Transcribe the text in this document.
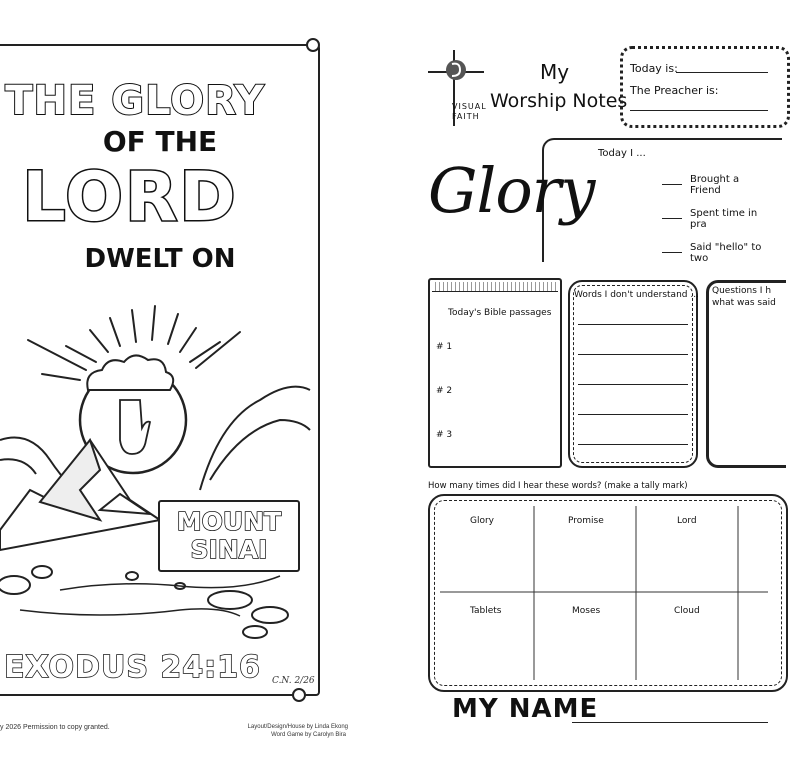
THE GLORY
OF THE
LORD
DWELT ON
MOUNT
SINAI
EXODUS 24:16	C.N. 2/26
y 2026 Permission to copy granted.	Layout/Design/House by Linda Ekong
Word Game by Carolyn Bira
VISUAL
FAITH
My
Worship Notes
Today is:
The Preacher is:
Today I ...
Brought a Friend
Spent time in pra
Said "hello" to two
Glory
Today's Bible passages
# 1
# 2
# 3
Words I don't understand ... Questions I h
what was said
How many times did I hear these words? (make a tally mark)
Glory	Promise	Lord
Tablets	Moses	Cloud
MY NAME
